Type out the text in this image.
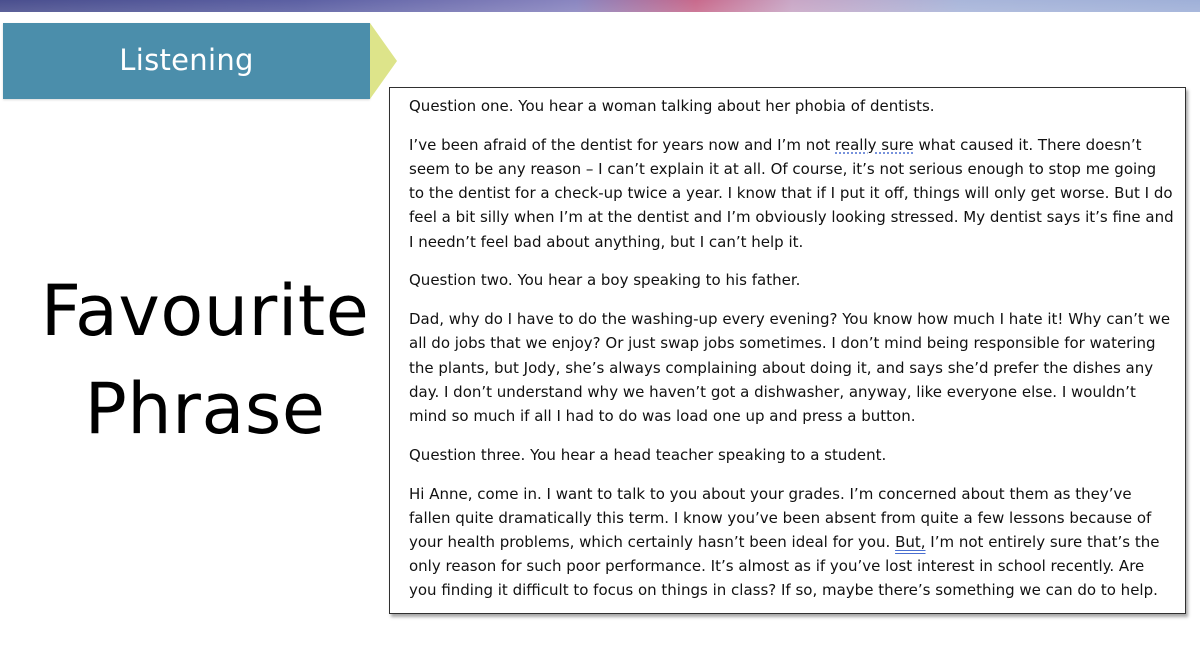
Listening
Favourite
Phrase

Question one. You hear a woman talking about her phobia of dentists.

I’ve been afraid of the dentist for years now and I’m not really sure what caused it. There doesn’t seem to be any reason – I can’t explain it at all. Of course, it’s not serious enough to stop me going to the dentist for a check-up twice a year. I know that if I put it off, things will only get worse. But I do feel a bit silly when I’m at the dentist and I’m obviously looking stressed. My dentist says it’s fine and I needn’t feel bad about anything, but I can’t help it.

Question two. You hear a boy speaking to his father.

Dad, why do I have to do the washing-up every evening? You know how much I hate it! Why can’t we all do jobs that we enjoy? Or just swap jobs sometimes. I don’t mind being responsible for watering the plants, but Jody, she’s always complaining about doing it, and says she’d prefer the dishes any day. I don’t understand why we haven’t got a dishwasher, anyway, like everyone else. I wouldn’t mind so much if all I had to do was load one up and press a button.

Question three. You hear a head teacher speaking to a student.

Hi Anne, come in. I want to talk to you about your grades. I’m concerned about them as they’ve fallen quite dramatically this term. I know you’ve been absent from quite a few lessons because of your health problems, which certainly hasn’t been ideal for you. But, I’m not entirely sure that’s the only reason for such poor performance. It’s almost as if you’ve lost interest in school recently. Are you finding it difficult to focus on things in class? If so, maybe there’s something we can do to help.
